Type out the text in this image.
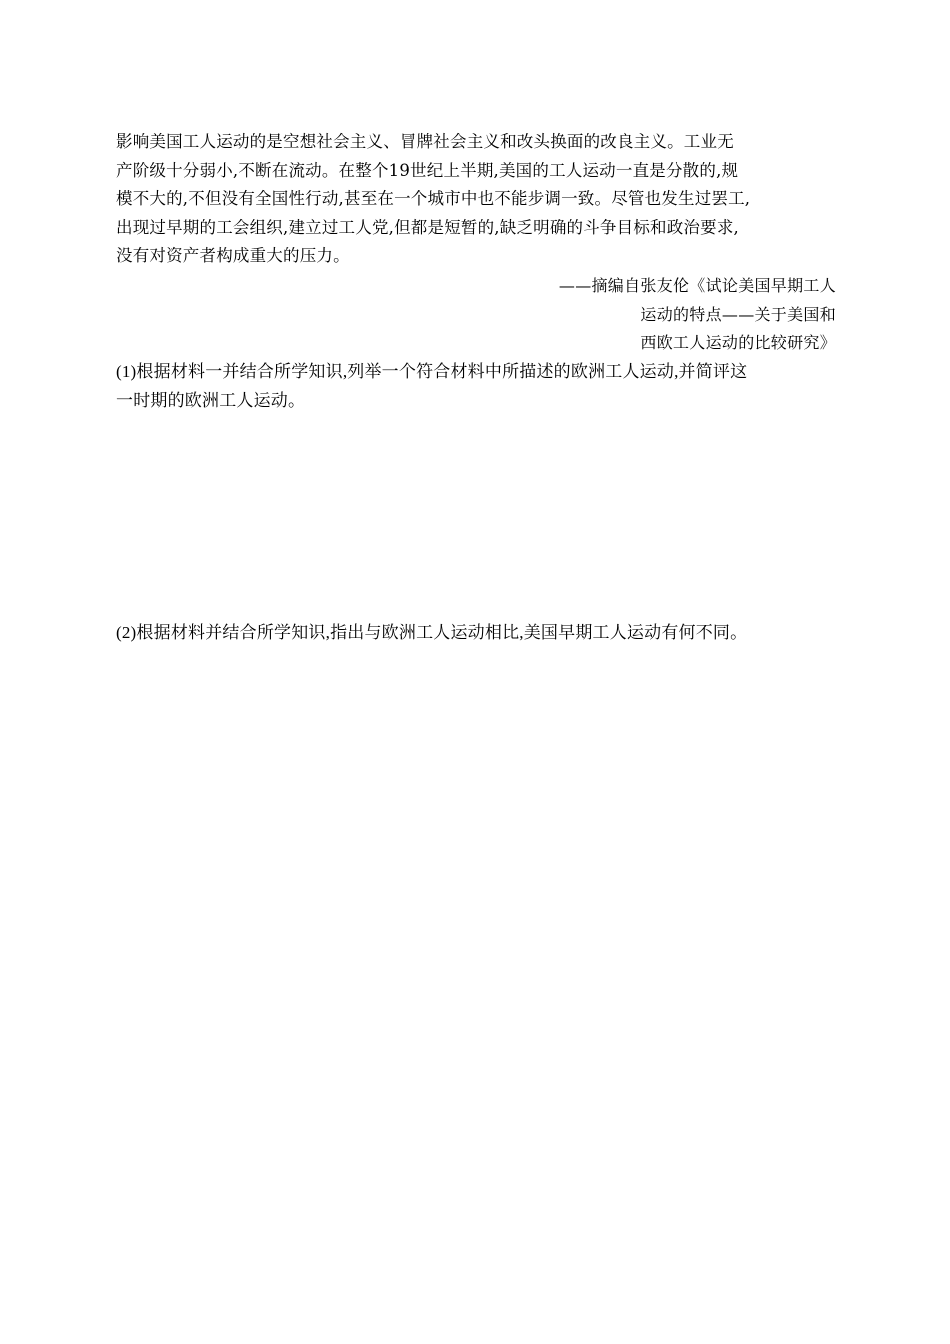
影响美国工人运动的是空想社会主义、冒牌社会主义和改头换面的改良主义。工业无
产阶级十分弱小,不断在流动。在整个19世纪上半期,美国的工人运动一直是分散的,规
模不大的,不但没有全国性行动,甚至在一个城市中也不能步调一致。尽管也发生过罢工,
出现过早期的工会组织,建立过工人党,但都是短暂的,缺乏明确的斗争目标和政治要求,
没有对资产者构成重大的压力。
——摘编自张友伦《试论美国早期工人
运动的特点——关于美国和
西欧工人运动的比较研究》
(1)根据材料一并结合所学知识,列举一个符合材料中所描述的欧洲工人运动,并简评这
一时期的欧洲工人运动。
(2)根据材料并结合所学知识,指出与欧洲工人运动相比,美国早期工人运动有何不同。
